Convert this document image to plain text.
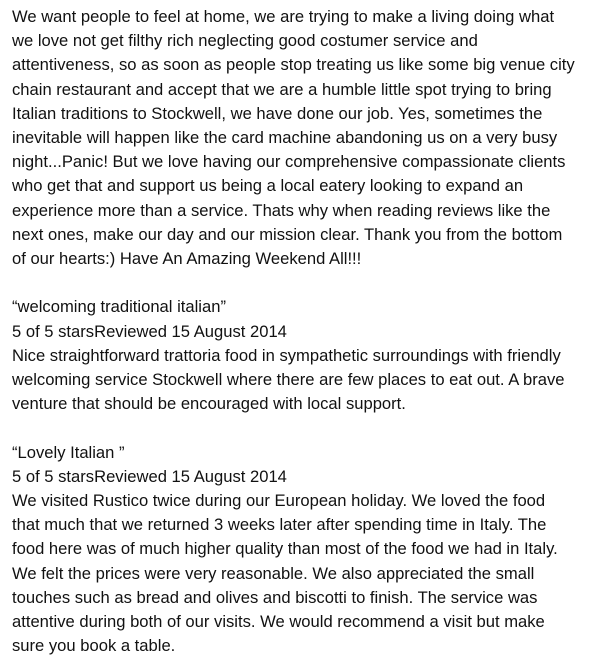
We want people to feel at home, we are trying to make a living doing what
we love not get filthy rich neglecting good costumer service and
attentiveness, so as soon as people stop treating us like some big venue city
chain restaurant and accept that we are a humble little spot trying to bring
Italian traditions to Stockwell, we have done our job. Yes, sometimes the
inevitable will happen like the card machine abandoning us on a very busy
night...Panic! But we love having our comprehensive compassionate clients
who get that and support us being a local eatery looking to expand an
experience more than a service. Thats why when reading reviews like the
next ones, make our day and our mission clear. Thank you from the bottom
of our hearts:) Have An Amazing Weekend All!!!
“welcoming traditional italian”
5 of 5 starsReviewed 15 August 2014
Nice straightforward trattoria food in sympathetic surroundings with friendly
welcoming service Stockwell where there are few places to eat out. A brave
venture that should be encouraged with local support.
“Lovely Italian ”
5 of 5 starsReviewed 15 August 2014
We visited Rustico twice during our European holiday. We loved the food
that much that we returned 3 weeks later after spending time in Italy. The
food here was of much higher quality than most of the food we had in Italy.
We felt the prices were very reasonable. We also appreciated the small
touches such as bread and olives and biscotti to finish. The service was
attentive during both of our visits. We would recommend a visit but make
sure you book a table.
